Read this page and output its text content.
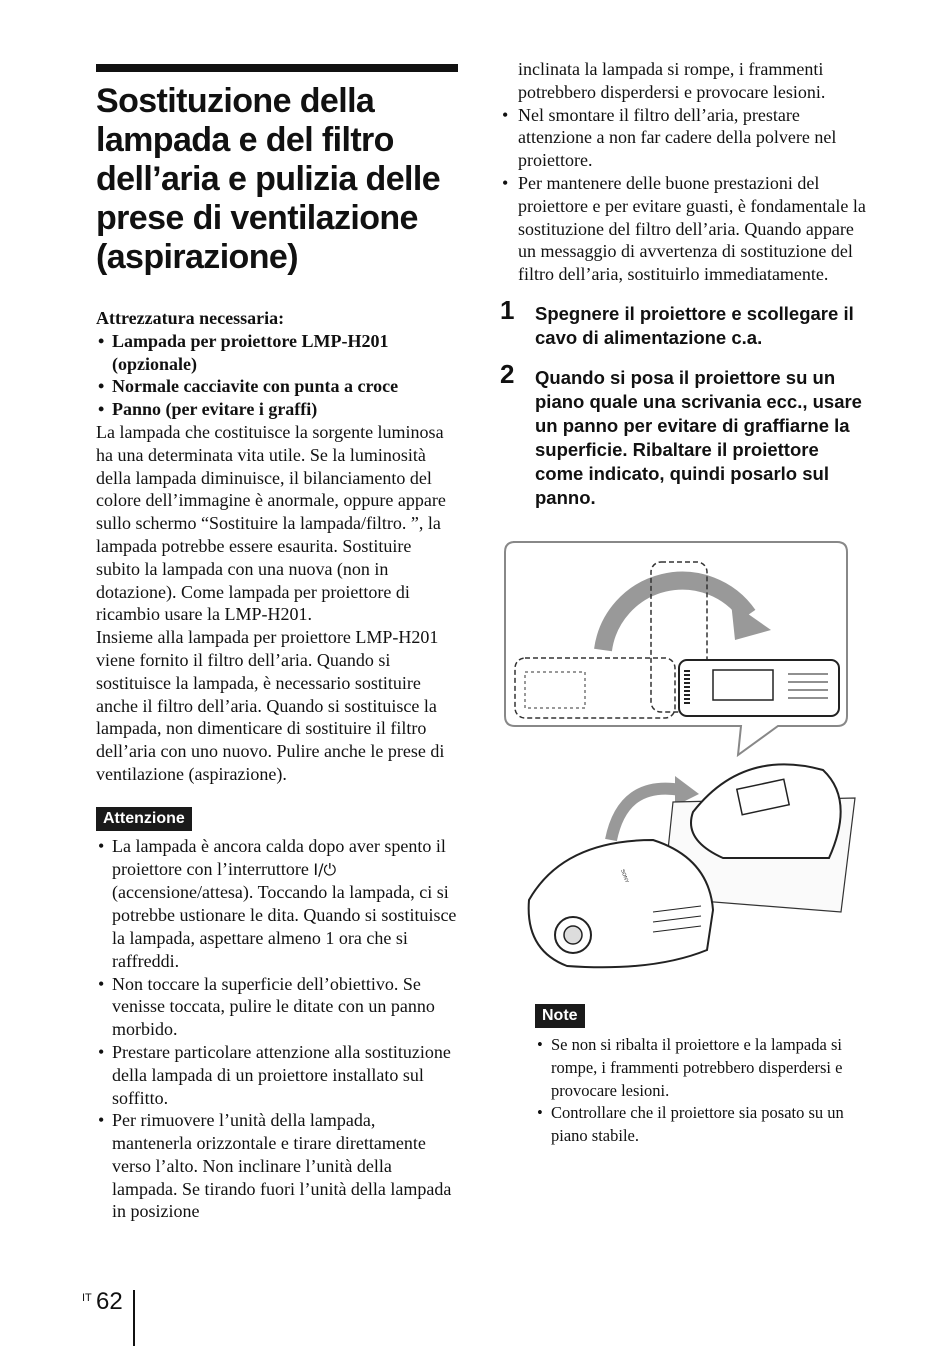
Sostituzione della lampada e del filtro dell’aria e pulizia delle prese di ventilazione (aspirazione)
Attrezzatura necessaria:
• Lampada per proiettore LMP-H201 (opzionale)
• Normale cacciavite con punta a croce
• Panno (per evitare i graffi)

La lampada che costituisce la sorgente luminosa ha una determinata vita utile. Se la luminosità della lampada diminuisce, il bilanciamento del colore dell’immagine è anormale, oppure appare sullo schermo “Sostituire la lampada/filtro. ”, la lampada potrebbe essere esaurita. Sostituire subito la lampada con una nuova (non in dotazione). Come lampada per proiettore di ricambio usare la LMP-H201.

Insieme alla lampada per proiettore LMP-H201 viene fornito il filtro dell’aria. Quando si sostituisce la lampada, è necessario sostituire anche il filtro dell’aria. Quando si sostituisce la lampada, non dimenticare di sostituire il filtro dell’aria con uno nuovo. Pulire anche le prese di ventilazione (aspirazione).

Attenzione
• La lampada è ancora calda dopo aver spento il proiettore con l’interruttore I/⏻ (accensione/attesa). Toccando la lampada, ci si potrebbe ustionare le dita. Quando si sostituisce la lampada, aspettare almeno 1 ora che si raffreddi.
• Non toccare la superficie dell’obiettivo. Se venisse toccata, pulire le ditate con un panno morbido.
• Prestare particolare attenzione alla sostituzione della lampada di un proiettore installato sul soffitto.
• Per rimuovere l’unità della lampada, mantenerla orizzontale e tirare direttamente verso l’alto. Non inclinare l’unità della lampada. Se tirando fuori l’unità della lampada in posizione

inclinata la lampada si rompe, i frammenti potrebbero disperdersi e provocare lesioni.

• Nel smontare il filtro dell’aria, prestare attenzione a non far cadere della polvere nel proiettore.
• Per mantenere delle buone prestazioni del proiettore e per evitare guasti, è fondamentale la sostituzione del filtro dell’aria. Quando appare un messaggio di avvertenza di sostituzione del filtro dell’aria, sostituirlo immediatamente.
1 Spegnere il proiettore e scollegare il cavo di alimentazione c.a.
2 Quando si posa il proiettore su un piano quale una scrivania ecc., usare un panno per evitare di graffiarne la superficie. Ribaltare il proiettore come indicato, quindi posarlo sul panno.
SONY
Note
• Se non si ribalta il proiettore e la lampada si rompe, i frammenti potrebbero disperdersi e provocare lesioni.
• Controllare che il proiettore sia posato su un piano stabile.
IT 62
